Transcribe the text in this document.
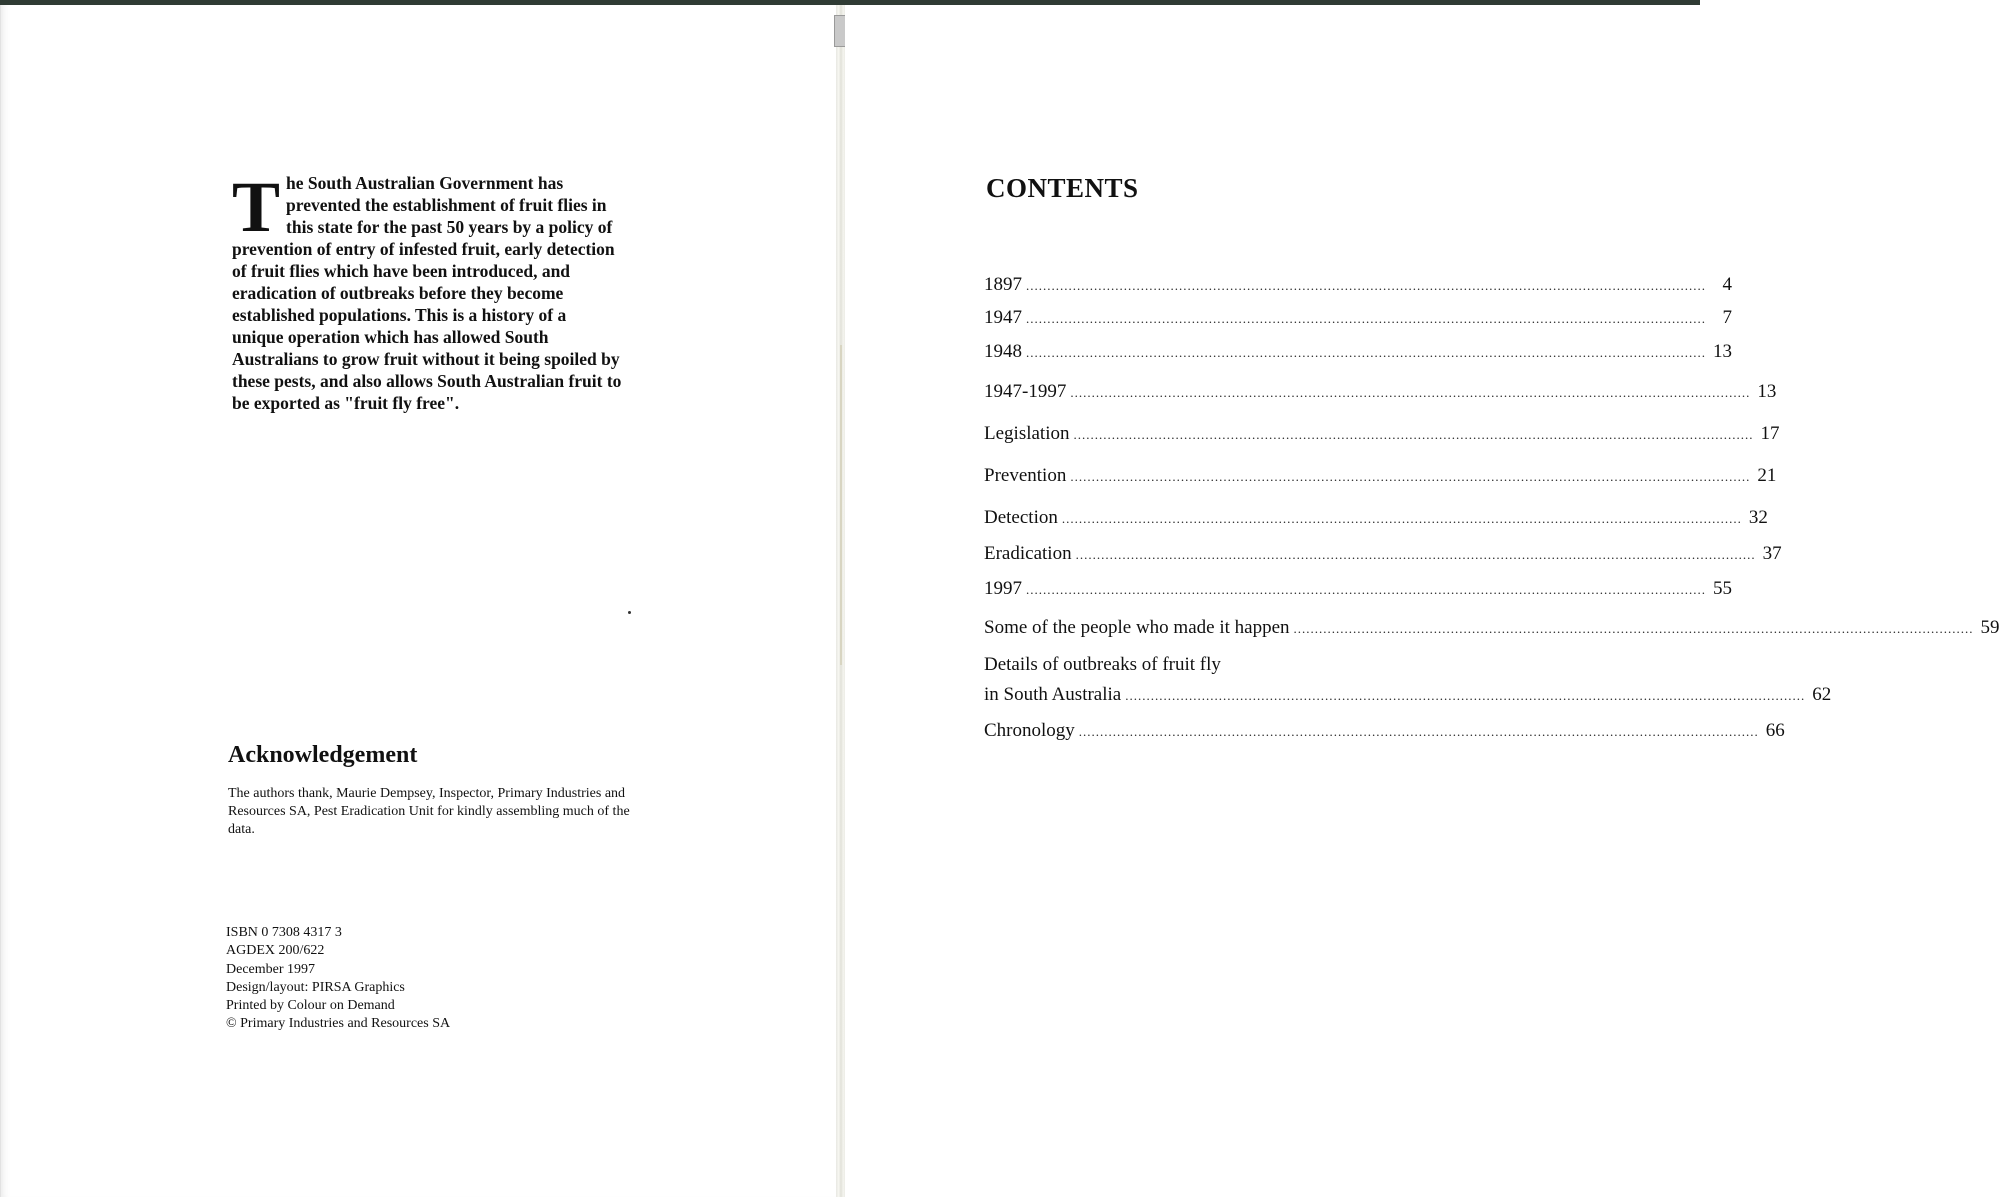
The South Australian Government has prevented the establishment of fruit flies in this state for the past 50 years by a policy of prevention of entry of infested fruit, early detection of fruit flies which have been introduced, and eradication of outbreaks before they become established populations. This is a history of a unique operation which has allowed South Australians to grow fruit without it being spoiled by these pests, and also allows South Australian fruit to be exported as "fruit fly free".

Acknowledgement

The authors thank, Maurie Dempsey, Inspector, Primary Industries and Resources SA, Pest Eradication Unit for kindly assembling much of the data.

ISBN 0 7308 4317 3
AGDEX 200/622
December 1997
Design/layout: PIRSA Graphics
Printed by Colour on Demand
© Primary Industries and Resources SA
CONTENTS
1897 ................................................................................................................................................................ 4
1947 ................................................................................................................................................................ 7
1948 ................................................................................................................................................................ 13
1947-1997 ................................................................................................................................................................ 13
Legislation ................................................................................................................................................................ 17
Prevention ................................................................................................................................................................ 21
Detection ................................................................................................................................................................ 32
Eradication ................................................................................................................................................................ 37
1997 ................................................................................................................................................................ 55
Some of the people who made it happen ................................................................................................................................................................ 59
Details of outbreaks of fruit fly
in South Australia ................................................................................................................................................................ 62
Chronology ................................................................................................................................................................ 66
